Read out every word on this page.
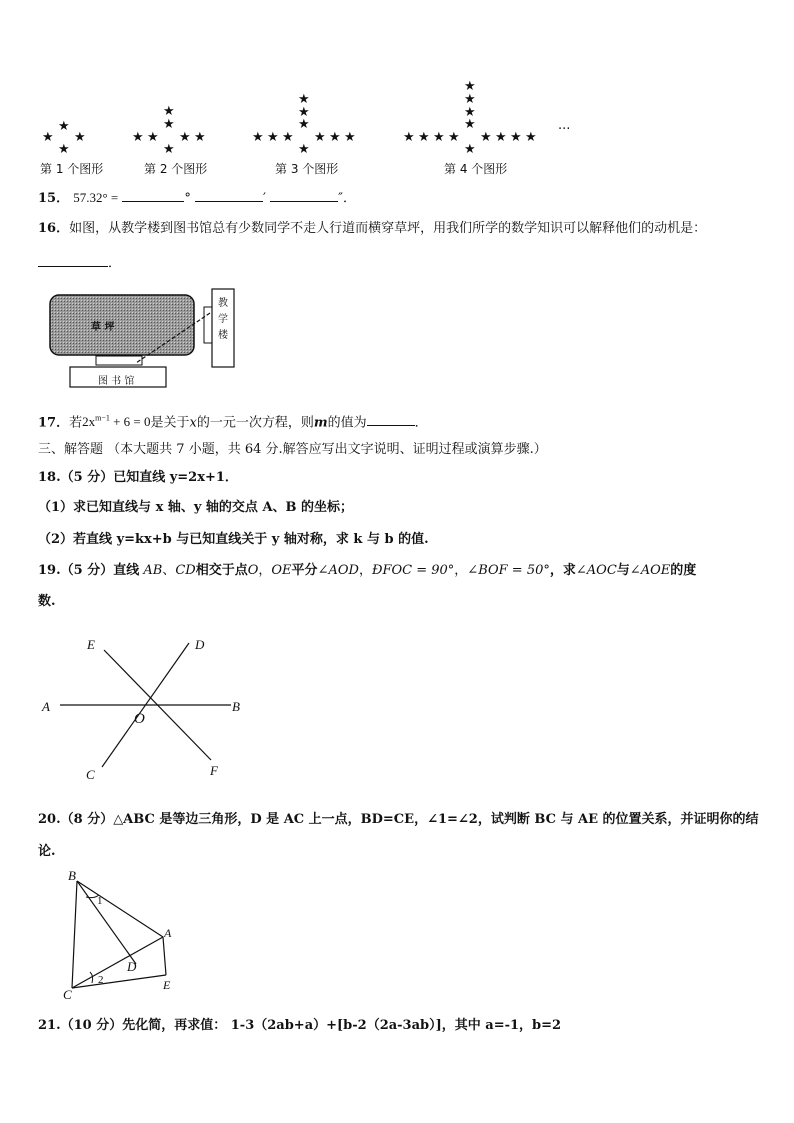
★
★ ★
★
★
★
★ ★ ★ ★
★
★
★
★
★ ★ ★ ★ ★ ★
★
★
★
★
★
★ ★ ★ ★ ★ ★ ★ ★
★
···
第 1 个图形	第 2 个图形	第 3 个图形	第 4 个图形
15． 57.32° =	°	′	″．
16．如图，从教学楼到图书馆总有少数同学不走人行道而横穿草坪，用我们所学的数学知识可以解释他们的动机是：
．
草 坪
教
学
楼
图 书 馆
17．若$2x^{m-1} + 6 = 0$是关于x的一元一次方程，则m的值为	．
三、解答题 （本大题共 7 小题，共 64 分.解答应写出文字说明、证明过程或演算步骤.）
18.（5 分）已知直线 y=2x+1．
（1）求已知直线与 x 轴、y 轴的交点 A、B 的坐标；
（2）若直线 y=kx+b 与已知直线关于 y 轴对称，求 k 与 b 的值.
19.（5 分）直线 AB、CD相交于点O，OE平分∠AOD，ÐFOC = 90°，∠BOF = 50°，求∠AOC与∠AOE的度
数.
E	D
A	B
O
C	F
20.（8 分）△ABC 是等边三角形，D 是 AC 上一点，BD=CE，∠1=∠2，试判断 BC 与 AE 的位置关系，并证明你的结
论.
B
A
D
C
E
1
2
21.（10 分）先化简，再求值： 1-3（2ab+a）+[b-2（2a-3ab）]，其中 a=-1，b=2
